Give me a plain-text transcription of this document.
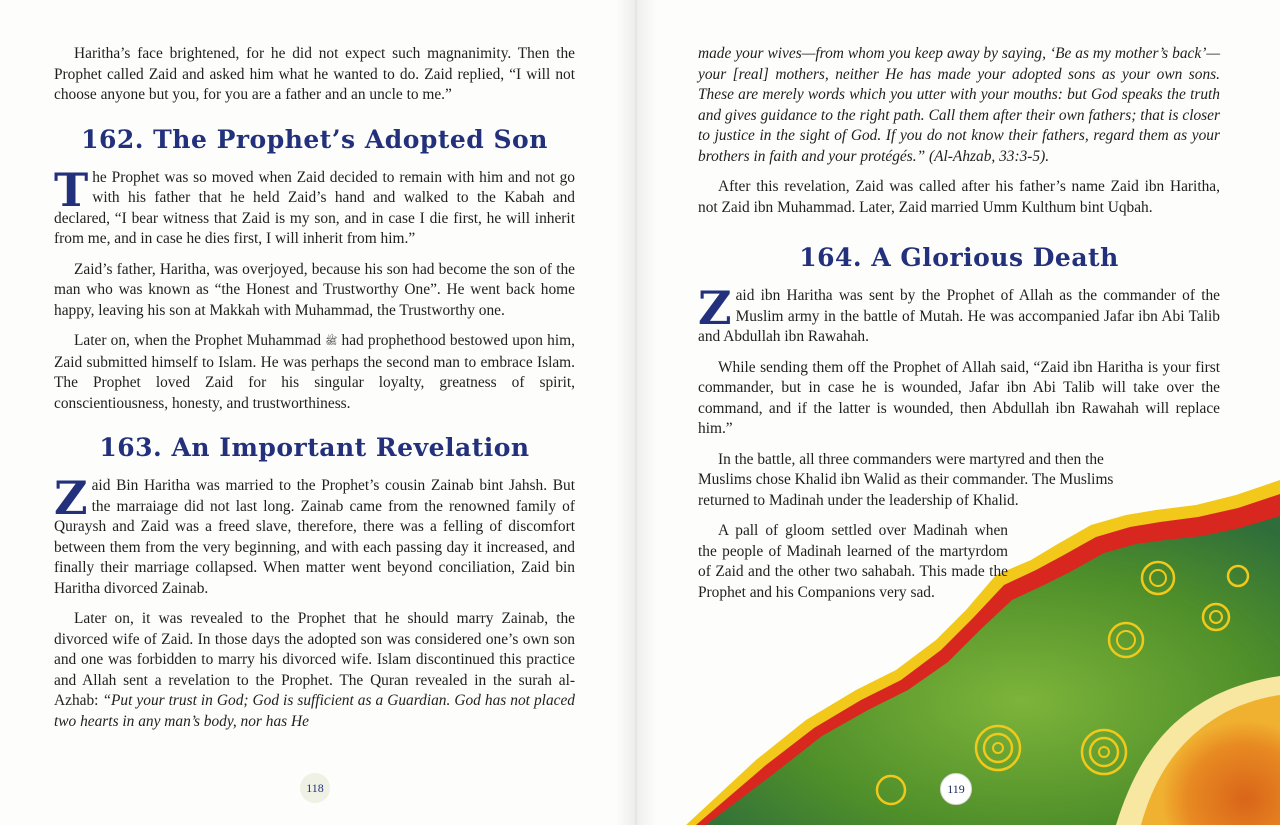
Haritha’s face brightened, for he did not expect such magnanimity. Then the Prophet called Zaid and asked him what he wanted to do. Zaid replied, “I will not choose anyone but you, for you are a father and an uncle to me.”

162. The Prophet’s Adopted Son

The Prophet was so moved when Zaid decided to remain with him and not go with his father that he held Zaid’s hand and walked to the Kabah and declared, “I bear witness that Zaid is my son, and in case I die first, he will inherit from me, and in case he dies first, I will inherit from him.”

Zaid’s father, Haritha, was overjoyed, because his son had become the son of the man who was known as “the Honest and Trustworthy One”. He went back home happy, leaving his son at Makkah with Muhammad, the Trustworthy one.

Later on, when the Prophet Muhammad ﷺ had prophethood bestowed upon him, Zaid submitted himself to Islam. He was perhaps the second man to embrace Islam. The Prophet loved Zaid for his singular loyalty, greatness of spirit, conscientiousness, honesty, and trustworthiness.

163. An Important Revelation

Zaid Bin Haritha was married to the Prophet’s cousin Zainab bint Jahsh. But the marraiage did not last long. Zainab came from the renowned family of Quraysh and Zaid was a freed slave, therefore, there was a felling of discomfort between them from the very beginning, and with each passing day it increased, and finally their marriage collapsed. When matter went beyond conciliation, Zaid bin Haritha divorced Zainab.

Later on, it was revealed to the Prophet that he should marry Zainab, the divorced wife of Zaid. In those days the adopted son was considered one’s own son and one was forbidden to marry his divorced wife. Islam discontinued this practice and Allah sent a revelation to the Prophet. The Quran revealed in the surah al-Azhab: “Put your trust in God; God is sufficient as a Guardian. God has not placed two hearts in any man’s body, nor has He

118

made your wives—from whom you keep away by saying, ‘Be as my mother’s back’—your [real] mothers, neither He has made your adopted sons as your own sons. These are merely words which you utter with your mouths: but God speaks the truth and gives guidance to the right path. Call them after their own fathers; that is closer to justice in the sight of God. If you do not know their fathers, regard them as your brothers in faith and your protégés.” (Al-Ahzab, 33:3-5).

After this revelation, Zaid was called after his father’s name Zaid ibn Haritha, not Zaid ibn Muhammad. Later, Zaid married Umm Kulthum bint Uqbah.

164. A Glorious Death

Zaid ibn Haritha was sent by the Prophet of Allah as the commander of the Muslim army in the battle of Mutah. He was accompanied Jafar ibn Abi Talib and Abdullah ibn Rawahah.

While sending them off the Prophet of Allah said, “Zaid ibn Haritha is your first commander, but in case he is wounded, Jafar ibn Abi Talib will take over the command, and if the latter is wounded, then Abdullah ibn Rawahah will replace him.”

In the battle, all three commanders were martyred and then the Muslims chose Khalid ibn Walid as their commander. The Muslims returned to Madinah under the leadership of Khalid.

A pall of gloom settled over Madinah when the people of Madinah learned of the martyrdom of Zaid and the other two sahabah. This made the Prophet and his Companions very sad.

119
